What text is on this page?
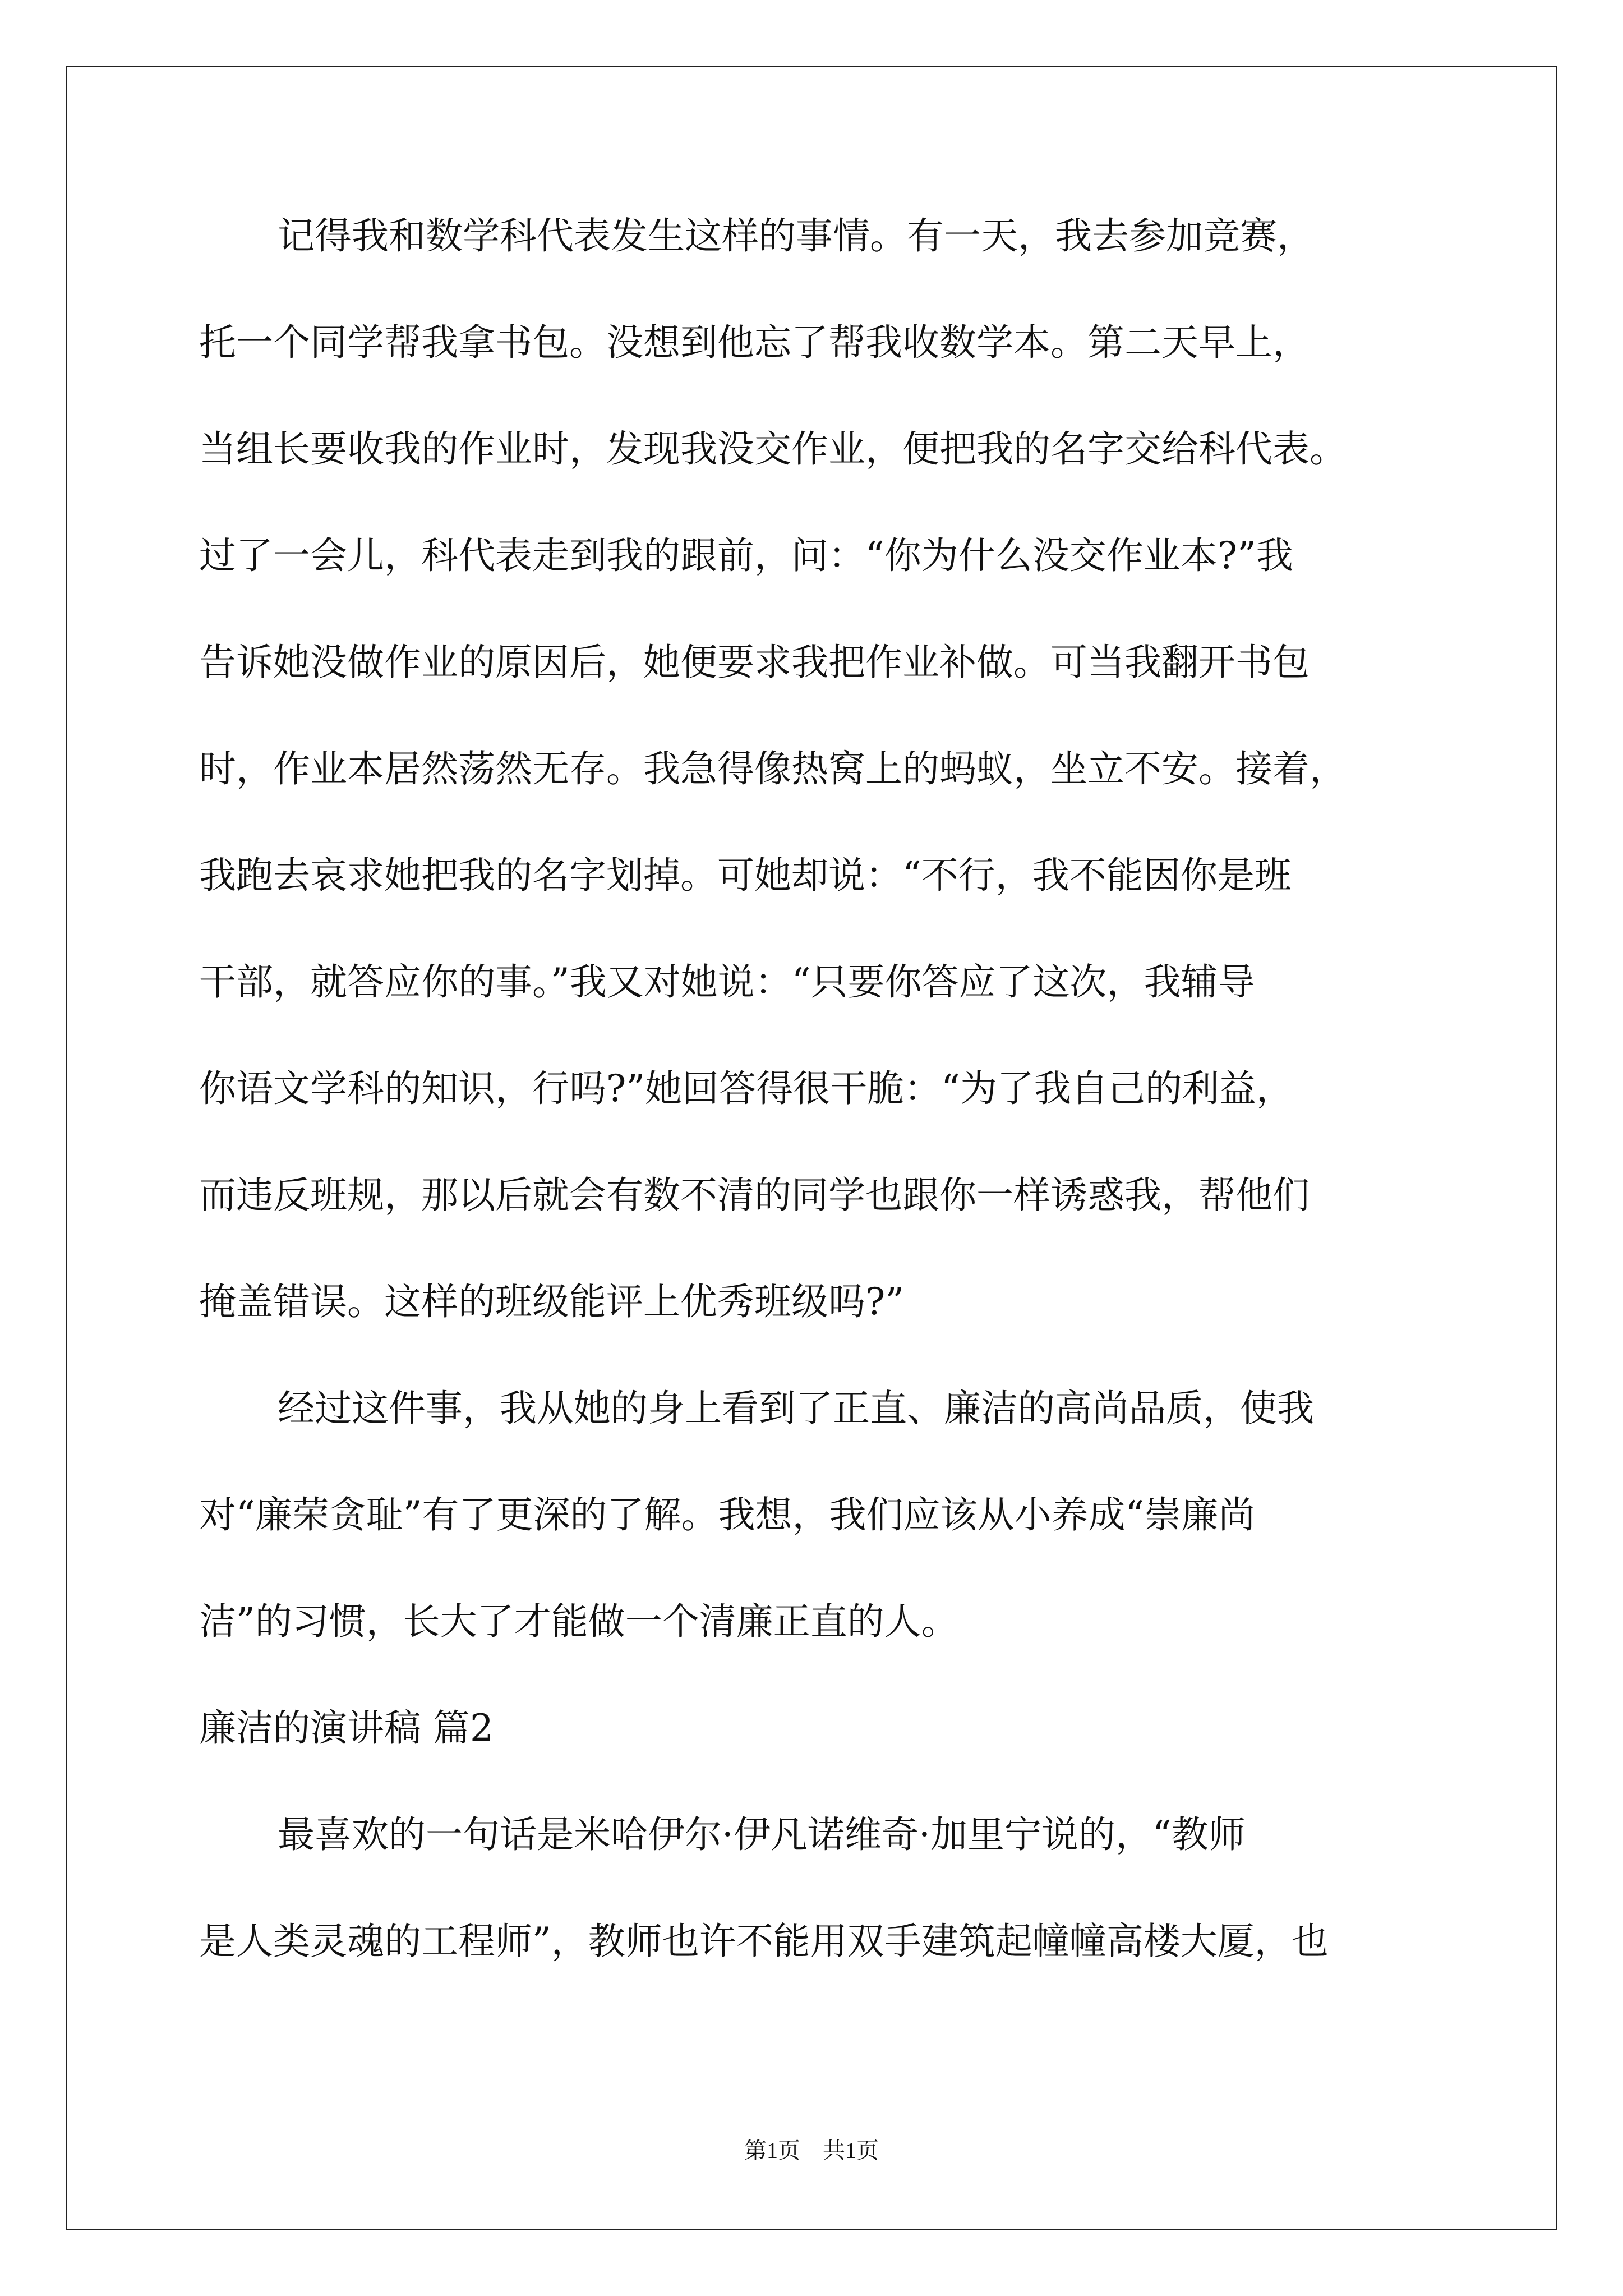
记得我和数学科代表发生这样的事情。有一天，我去参加竞赛，
托一个同学帮我拿书包。没想到他忘了帮我收数学本。第二天早上，
当组长要收我的作业时，发现我没交作业，便把我的名字交给科代表。
过了一会儿，科代表走到我的跟前，问：“你为什么没交作业本?”我
告诉她没做作业的原因后，她便要求我把作业补做。可当我翻开书包
时，作业本居然荡然无存。我急得像热窝上的蚂蚁，坐立不安。接着，
我跑去哀求她把我的名字划掉。可她却说：“不行，我不能因你是班
干部，就答应你的事。”我又对她说：“只要你答应了这次，我辅导
你语文学科的知识，行吗?”她回答得很干脆：“为了我自己的利益，
而违反班规，那以后就会有数不清的同学也跟你一样诱惑我，帮他们
掩盖错误。这样的班级能评上优秀班级吗?”
经过这件事，我从她的身上看到了正直、廉洁的高尚品质，使我
对“廉荣贪耻”有了更深的了解。我想，我们应该从小养成“崇廉尚
洁”的习惯，长大了才能做一个清廉正直的人。
廉洁的演讲稿 篇2
最喜欢的一句话是米哈伊尔·伊凡诺维奇·加里宁说的，“教师
是人类灵魂的工程师”，教师也许不能用双手建筑起幢幢高楼大厦，也
第1页　共1页
